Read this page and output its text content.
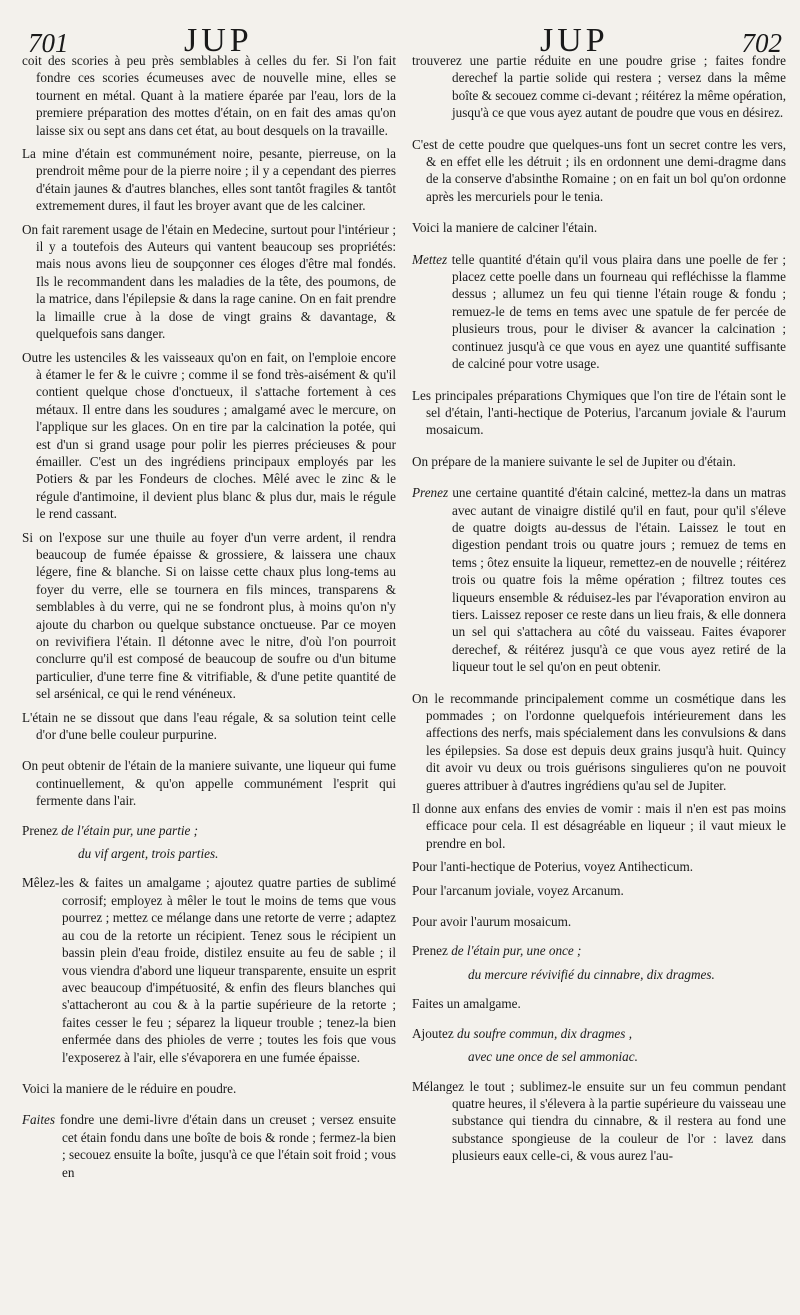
701	JUP	JUP	702

coit des scories à peu près semblables à celles du fer. Si l'on fait fondre ces scories écumeuses avec de nouvelle mine, elles se tournent en métal. Quant à la matiere éparée par l'eau, lors de la premiere préparation des mottes d'étain, on en fait des amas qu'on laisse six ou sept ans dans cet état, au bout desquels on la travaille.

La mine d'étain est communément noire, pesante, pierreuse, on la prendroit même pour de la pierre noire ; il y a cependant des pierres d'étain jaunes & d'autres blanches, elles sont tantôt fragiles & tantôt extremement dures, il faut les broyer avant que de les calciner.

On fait rarement usage de l'étain en Medecine, surtout pour l'intérieur ; il y a toutefois des Auteurs qui vantent beaucoup ses propriétés: mais nous avons lieu de soupçonner ces éloges d'être mal fondés. Ils le recommandent dans les maladies de la tête, des poumons, de la matrice, dans l'épilepsie & dans la rage canine. On en fait prendre la limaille crue à la dose de vingt grains & davantage, & quelquefois sans danger.

Outre les ustenciles & les vaisseaux qu'on en fait, on l'emploie encore à étamer le fer & le cuivre ; comme il se fond très-aisément & qu'il contient quelque chose d'onctueux, il s'attache fortement à ces métaux. Il entre dans les soudures ; amalgamé avec le mercure, on l'applique sur les glaces. On en tire par la calcination la potée, qui est d'un si grand usage pour polir les pierres précieuses & pour émailler. C'est un des ingrédiens principaux employés par les Potiers & par les Fondeurs de cloches. Mêlé avec le zinc & le régule d'antimoine, il devient plus blanc & plus dur, mais le régule le rend cassant.

Si on l'expose sur une thuile au foyer d'un verre ardent, il rendra beaucoup de fumée épaisse & grossiere, & laissera une chaux légere, fine & blanche. Si on laisse cette chaux plus long-tems au foyer du verre, elle se tournera en fils minces, transparens & semblables à du verre, qui ne se fondront plus, à moins qu'on n'y ajoute du charbon ou quelque substance onctueuse. Par ce moyen on revivifiera l'étain. Il détonne avec le nitre, d'où l'on pourroit conclurre qu'il est composé de beaucoup de soufre ou d'un bitume particulier, d'une terre fine & vitrifiable, & d'une petite quantité de sel arsénical, ce qui le rend vénéneux.

L'étain ne se dissout que dans l'eau régale, & sa solution teint celle d'or d'une belle couleur purpurine.

On peut obtenir de l'étain de la maniere suivante, une liqueur qui fume continuellement, & qu'on appelle communément l'esprit qui fermente dans l'air.

Prenez de l'étain pur, une partie ;

du vif argent, trois parties.

Mêlez-les & faites un amalgame ; ajoutez quatre parties de sublimé corrosif; employez à mêler le tout le moins de tems que vous pourrez ; mettez ce mélange dans une retorte de verre ; adaptez au cou de la retorte un récipient. Tenez sous le récipient un bassin plein d'eau froide, distilez ensuite au feu de sable ; il vous viendra d'abord une liqueur transparente, ensuite un esprit avec beaucoup d'impétuosité, & enfin des fleurs blanches qui s'attacheront au cou & à la partie supérieure de la retorte ; faites cesser le feu ; séparez la liqueur trouble ; tenez-la bien enfermée dans des phioles de verre ; toutes les fois que vous l'exposerez à l'air, elle s'évaporera en une fumée épaisse.

Voici la maniere de le réduire en poudre.

Faites fondre une demi-livre d'étain dans un creuset ; versez ensuite cet étain fondu dans une boîte de bois & ronde ; fermez-la bien ; secouez ensuite la boîte, jusqu'à ce que l'étain soit froid ; vous en

trouverez une partie réduite en une poudre grise ; faites fondre derechef la partie solide qui restera ; versez dans la même boîte & secouez comme ci-devant ; réitérez la même opération, jusqu'à ce que vous ayez autant de poudre que vous en désirez.

C'est de cette poudre que quelques-uns font un secret contre les vers, & en effet elle les détruit ; ils en ordonnent une demi-dragme dans de la conserve d'absinthe Romaine ; on en fait un bol qu'on ordonne après les mercuriels pour le tenia.

Voici la maniere de calciner l'étain.

Mettez telle quantité d'étain qu'il vous plaira dans une poelle de fer ; placez cette poelle dans un fourneau qui refléchisse la flamme dessus ; allumez un feu qui tienne l'étain rouge & fondu ; remuez-le de tems en tems avec une spatule de fer percée de plusieurs trous, pour le diviser & avancer la calcination ; continuez jusqu'à ce que vous en ayez une quantité suffisante de calciné pour votre usage.

Les principales préparations Chymiques que l'on tire de l'étain sont le sel d'étain, l'anti-hectique de Poterius, l'arcanum joviale & l'aurum mosaicum.

On prépare de la maniere suivante le sel de Jupiter ou d'étain.

Prenez une certaine quantité d'étain calciné, mettez-la dans un matras avec autant de vinaigre distilé qu'il en faut, pour qu'il s'éleve de quatre doigts au-dessus de l'étain. Laissez le tout en digestion pendant trois ou quatre jours ; remuez de tems en tems ; ôtez ensuite la liqueur, remettez-en de nouvelle ; réitérez trois ou quatre fois la même opération ; filtrez toutes ces liqueurs ensemble & réduisez-les par l'évaporation environ au tiers. Laissez reposer ce reste dans un lieu frais, & elle donnera un sel qui s'attachera au côté du vaisseau. Faites évaporer derechef, & réitérez jusqu'à ce que vous ayez retiré de la liqueur tout le sel qu'on en peut obtenir.

On le recommande principalement comme un cosmétique dans les pommades ; on l'ordonne quelquefois intérieurement dans les affections des nerfs, mais spécialement dans les convulsions & dans les épilepsies. Sa dose est depuis deux grains jusqu'à huit. Quincy dit avoir vu deux ou trois guérisons singulieres qu'on ne pouvoit gueres attribuer à d'autres ingrédiens qu'au sel de Jupiter.

Il donne aux enfans des envies de vomir : mais il n'en est pas moins efficace pour cela. Il est désagréable en liqueur ; il vaut mieux le prendre en bol.

Pour l'anti-hectique de Poterius, voyez Antihecticum.

Pour l'arcanum joviale, voyez Arcanum.

Pour avoir l'aurum mosaicum.

Prenez de l'étain pur, une once ;

du mercure révivifié du cinnabre, dix dragmes.

Faites un amalgame.

Ajoutez du soufre commun, dix dragmes ,

avec une once de sel ammoniac.

Mélangez le tout ; sublimez-le ensuite sur un feu commun pendant quatre heures, il s'élevera à la partie supérieure du vaisseau une substance qui tiendra du cinnabre, & il restera au fond une substance spongieuse de la couleur de l'or : lavez dans plusieurs eaux celle-ci, & vous aurez l'au-
